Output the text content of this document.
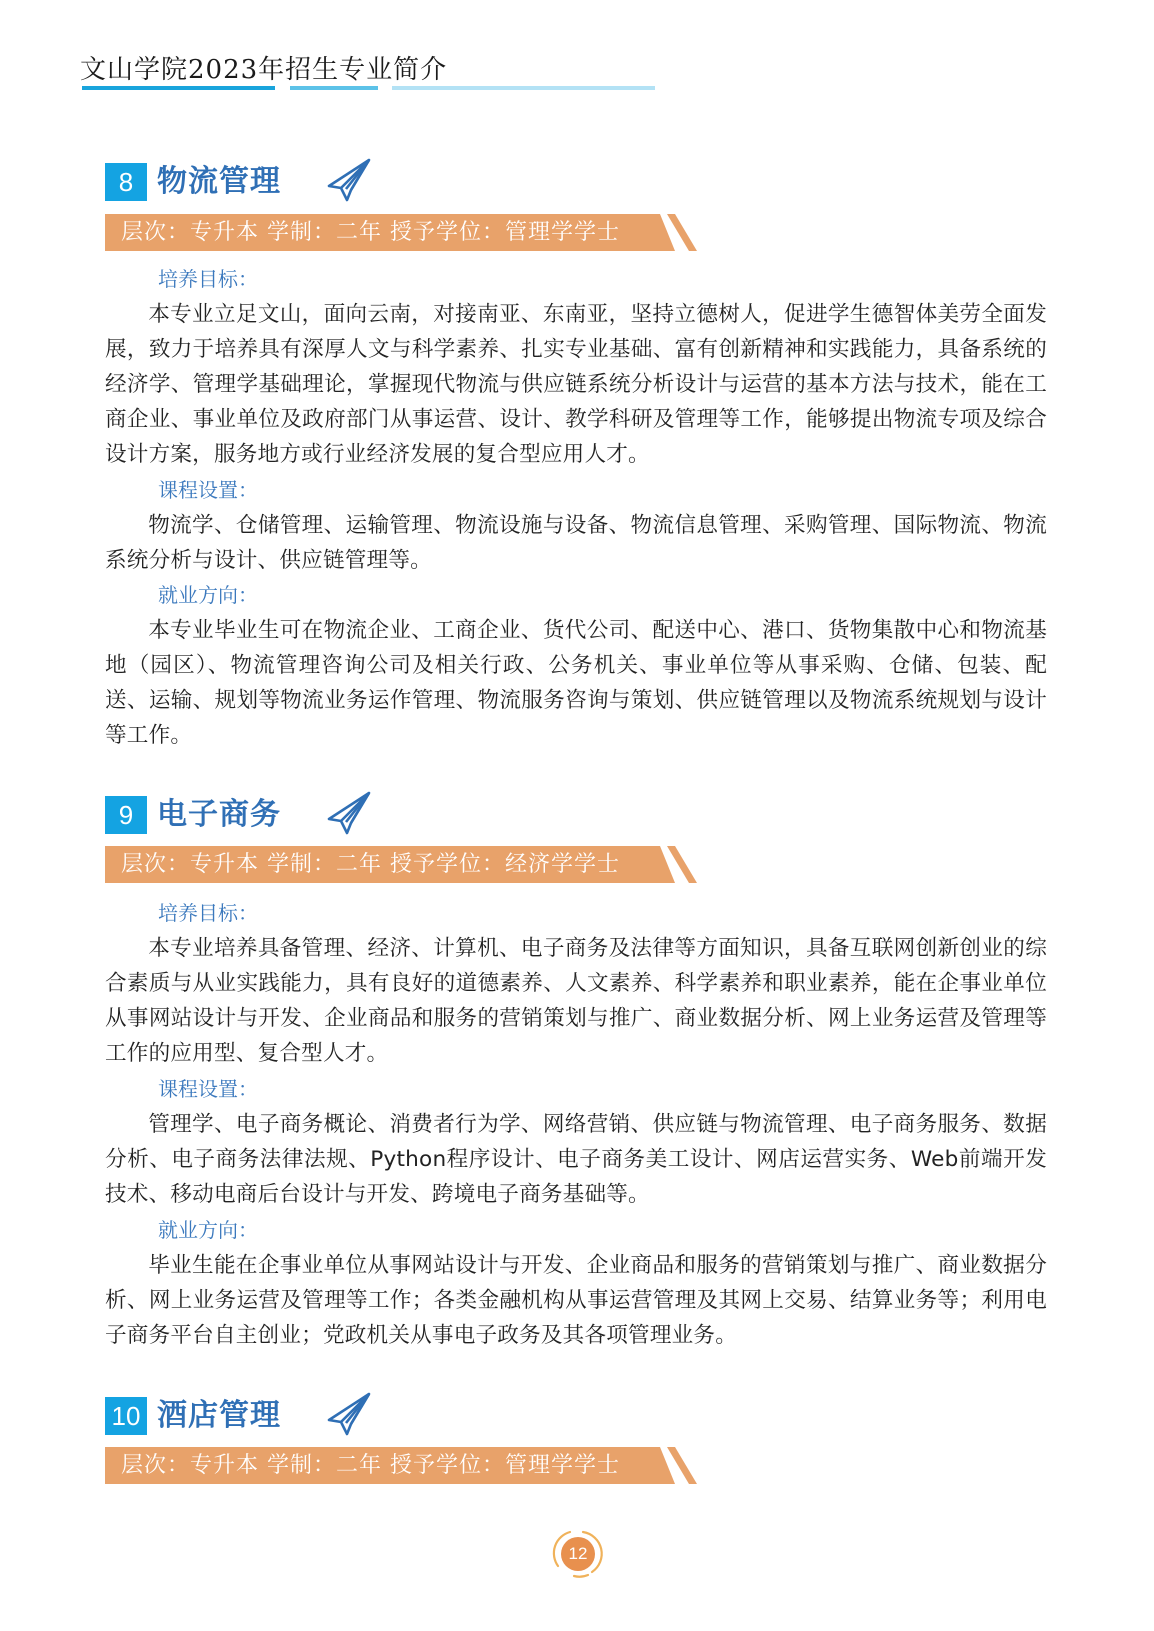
文山学院2023年招生专业简介
8 物流管理
层次：专升本 学制：二年 授予学位：管理学学士
培养目标：
本专业立足文山，面向云南，对接南亚、东南亚，坚持立德树人，促进学生德智体美劳全面发展，致力于培养具有深厚人文与科学素养、扎实专业基础、富有创新精神和实践能力，具备系统的经济学、管理学基础理论，掌握现代物流与供应链系统分析设计与运营的基本方法与技术，能在工商企业、事业单位及政府部门从事运营、设计、教学科研及管理等工作，能够提出物流专项及综合设计方案，服务地方或行业经济发展的复合型应用人才。
课程设置：
物流学、仓储管理、运输管理、物流设施与设备、物流信息管理、采购管理、国际物流、物流系统分析与设计、供应链管理等。
就业方向：
本专业毕业生可在物流企业、工商企业、货代公司、配送中心、港口、货物集散中心和物流基地（园区）、物流管理咨询公司及相关行政、公务机关、事业单位等从事采购、仓储、包装、配送、运输、规划等物流业务运作管理、物流服务咨询与策划、供应链管理以及物流系统规划与设计等工作。
9 电子商务
层次：专升本 学制：二年 授予学位：经济学学士
培养目标：
本专业培养具备管理、经济、计算机、电子商务及法律等方面知识，具备互联网创新创业的综合素质与从业实践能力，具有良好的道德素养、人文素养、科学素养和职业素养，能在企事业单位从事网站设计与开发、企业商品和服务的营销策划与推广、商业数据分析、网上业务运营及管理等工作的应用型、复合型人才。
课程设置：
管理学、电子商务概论、消费者行为学、网络营销、供应链与物流管理、电子商务服务、数据分析、电子商务法律法规、Python程序设计、电子商务美工设计、网店运营实务、Web前端开发技术、移动电商后台设计与开发、跨境电子商务基础等。
就业方向：
毕业生能在企事业单位从事网站设计与开发、企业商品和服务的营销策划与推广、商业数据分析、网上业务运营及管理等工作；各类金融机构从事运营管理及其网上交易、结算业务等；利用电子商务平台自主创业；党政机关从事电子政务及其各项管理业务。
10 酒店管理
层次：专升本 学制：二年 授予学位：管理学学士
12
